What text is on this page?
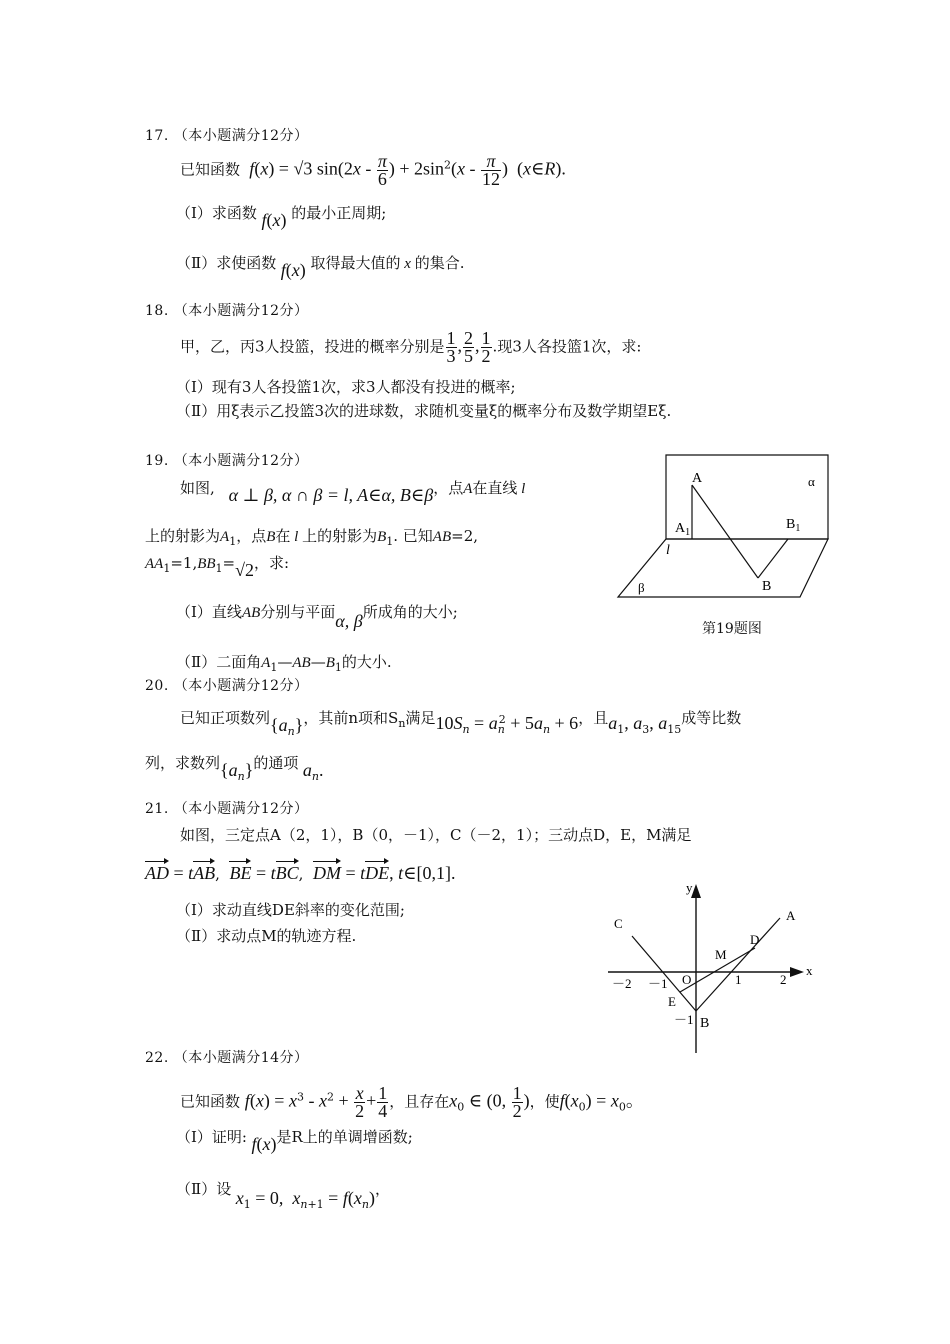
17. （本小题满分12分）
已知函数  f(x) = √3 $\sin(2x - \frac{\pi}{6}$ ) + $2\sin^2(x - \frac{\pi}{12}$ )  (x∈R).
（Ⅰ）求函数 f(x) 的最小正周期;
（Ⅱ）求使函数 f(x) 取得最大值的 x 的集合.
18. （本小题满分12分）
甲，乙，丙3人投篮，投进的概率分别是 $\frac{1}{3}$ , $\frac{2}{5}$ , $\frac{1}{2}$ .现3人各投篮1次，求:
（Ⅰ）现有3人各投篮1次，求3人都没有投进的概率;
（Ⅱ）用ξ表示乙投篮3次的进球数，求随机变量ξ的概率分布及数学期望Eξ.
19. （本小题满分12分）
如图,   α ⊥ β, α ∩ β = l, A∈α, B∈β，点A在直线 l
上的射影为$A_1$，点B在 l 上的射影为$B_1$. 已知AB=2,
$AA_1=1,BB_1=√2$，求:
（Ⅰ）直线AB分别与平面α, β所成角的大小;
（Ⅱ）二面角$A_1—AB—B_1$的大小.
A
$A_1$
$B_1$
B
α
β
l
第19题图
20. （本小题满分12分）
已知正项数列$\{a_n\}$，其前n项和$S_n$满足$10S_n = a_n^2 + 5a_n + 6$，且$a_1$, $a_3$, $a_{15}$成等比数
列，求数列$\{a_n\}$的通项 $a_n$.
21. （本小题满分12分）
如图，三定点A（2，1），B（0，－1），C（－2，1）；三动点D，E，M满足
AD = tAB,  BE = tBC,  DM = tDE, t∈[0,1].
（Ⅰ）求动直线DE斜率的变化范围;
（Ⅱ）求动点M的轨迹方程.
y
x
A
C
D
M
O
E
B
－2 －1	1	2
－1
22. （本小题满分14分）
已知函数 $f(x) = x^3 - x^2 + \frac{x}{2} + \frac{1}{4}$ ，且存在$x_0$ ∈ (0, $\frac{1}{2}$ )，使$f(x_0) = x_0$。
（Ⅰ）证明: f(x)是R上的单调增函数;
（Ⅱ）设 $x_1 = 0$,  $x_{n+1} = f(x_n)$，
